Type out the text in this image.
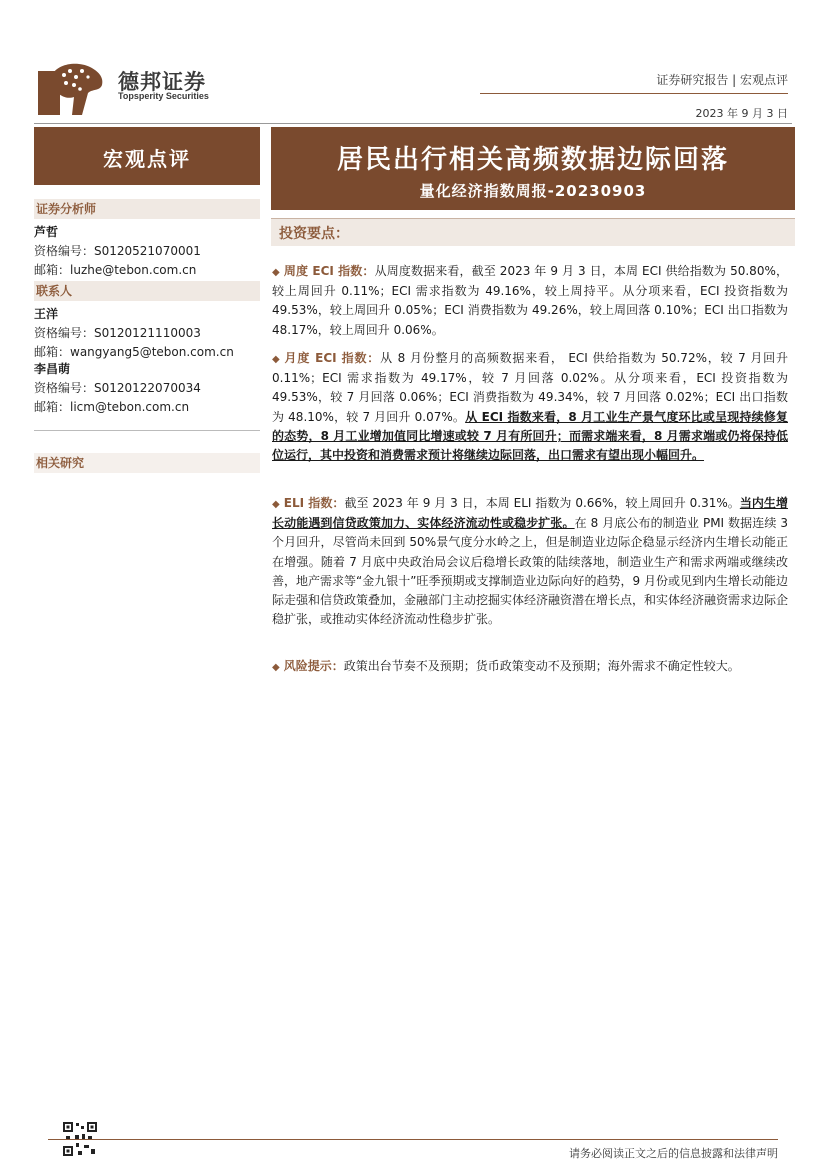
德邦证券
Topsperity Securities
证券研究报告 | 宏观点评
2023 年 9 月 3 日
宏观点评	居民出行相关高频数据边际回落
量化经济指数周报-20230903
证券分析师
芦哲
资格编号：S0120521070001
邮箱：luzhe@tebon.com.cn
联系人
王洋
资格编号：S0120121110003
邮箱：wangyang5@tebon.com.cn
李昌萌
资格编号：S0120122070034
邮箱：licm@tebon.com.cn
相关研究
投资要点：
◆ 周度 ECI 指数：从周度数据来看，截至 2023 年 9 月 3 日，本周 ECI 供给指数为 50.80%，较上周回升 0.11%；ECI 需求指数为 49.16%，较上周持平。从分项来看，ECI 投资指数为 49.53%，较上周回升 0.05%；ECI 消费指数为 49.26%，较上周回落 0.10%；ECI 出口指数为 48.17%，较上周回升 0.06%。
◆ 月度 ECI 指数：从 8 月份整月的高频数据来看， ECI 供给指数为 50.72%，较 7 月回升 0.11%；ECI 需求指数为 49.17%，较 7 月回落 0.02%。从分项来看，ECI 投资指数为 49.53%，较 7 月回落 0.06%；ECI 消费指数为 49.34%，较 7 月回落 0.02%；ECI 出口指数为 48.10%，较 7 月回升 0.07%。从 ECI 指数来看，8 月工业生产景气度环比或呈现持续修复的态势，8 月工业增加值同比增速或较 7 月有所回升；而需求端来看，8 月需求端或仍将保持低位运行，其中投资和消费需求预计将继续边际回落，出口需求有望出现小幅回升。
◆ ELI 指数：截至 2023 年 9 月 3 日，本周 ELI 指数为 0.66%，较上周回升 0.31%。当内生增长动能遇到信贷政策加力、实体经济流动性或稳步扩张。在 8 月底公布的制造业 PMI 数据连续 3 个月回升，尽管尚未回到 50%景气度分水岭之上，但是制造业边际企稳显示经济内生增长动能正在增强。随着 7 月底中央政治局会议后稳增长政策的陆续落地，制造业生产和需求两端或继续改善，地产需求等“金九银十”旺季预期或支撑制造业边际向好的趋势，9 月份或见到内生增长动能边际走强和信贷政策叠加，金融部门主动挖掘实体经济融资潜在增长点，和实体经济融资需求边际企稳扩张，或推动实体经济流动性稳步扩张。
◆ 风险提示：政策出台节奏不及预期；货币政策变动不及预期；海外需求不确定性较大。
请务必阅读正文之后的信息披露和法律声明
